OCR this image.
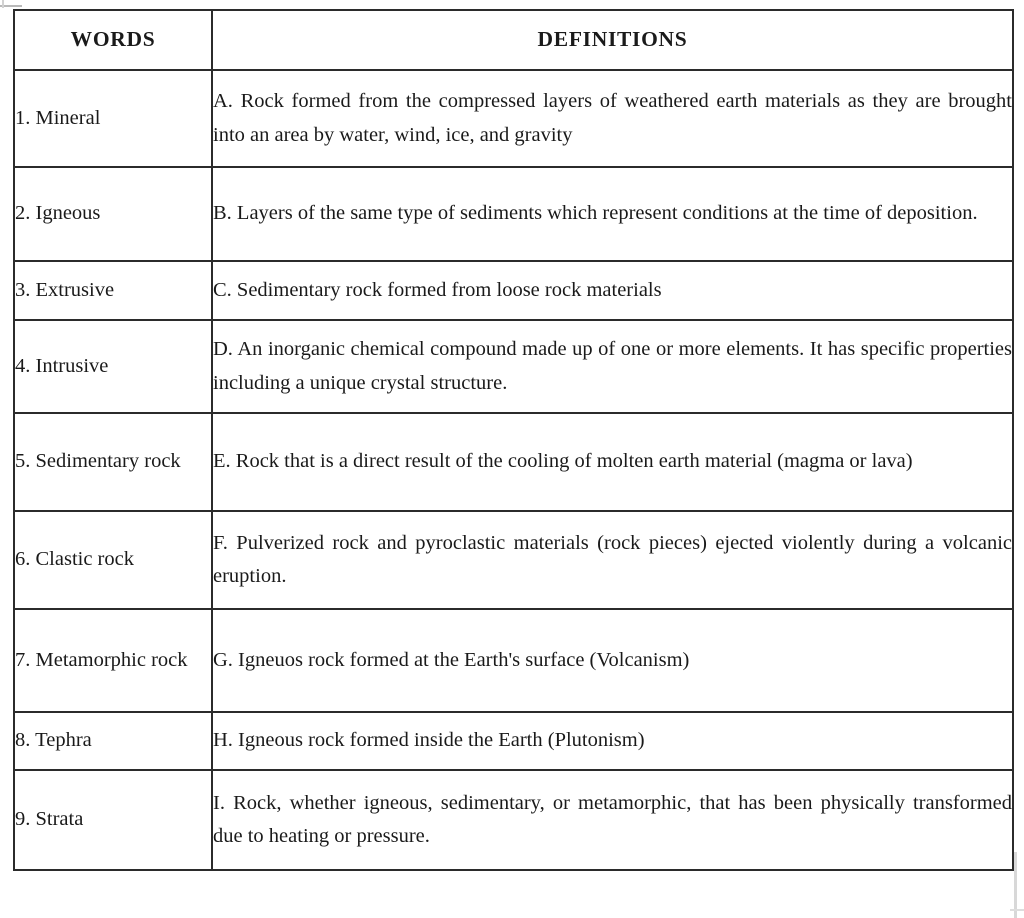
WORDS	DEFINITIONS

1. Mineral	A. Rock formed from the compressed layers of weathered earth materials as they are brought into an area by water, wind, ice, and gravity

2. Igneous	B. Layers of the same type of sediments which represent conditions at the time of deposition.

3. Extrusive	C. Sedimentary rock formed from loose rock materials

4. Intrusive	D. An inorganic chemical compound made up of one or more elements. It has specific properties including a unique crystal structure.

5. Sedimentary rock	E. Rock that is a direct result of the cooling of molten earth material (magma or lava)

6. Clastic rock	F. Pulverized rock and pyroclastic materials (rock pieces) ejected violently during a volcanic eruption.

7. Metamorphic rock	G. Igneuos rock formed at the Earth's surface (Volcanism)

8. Tephra	H. Igneous rock formed inside the Earth (Plutonism)

9. Strata	I. Rock, whether igneous, sedimentary, or metamorphic, that has been physically transformed due to heating or pressure.
